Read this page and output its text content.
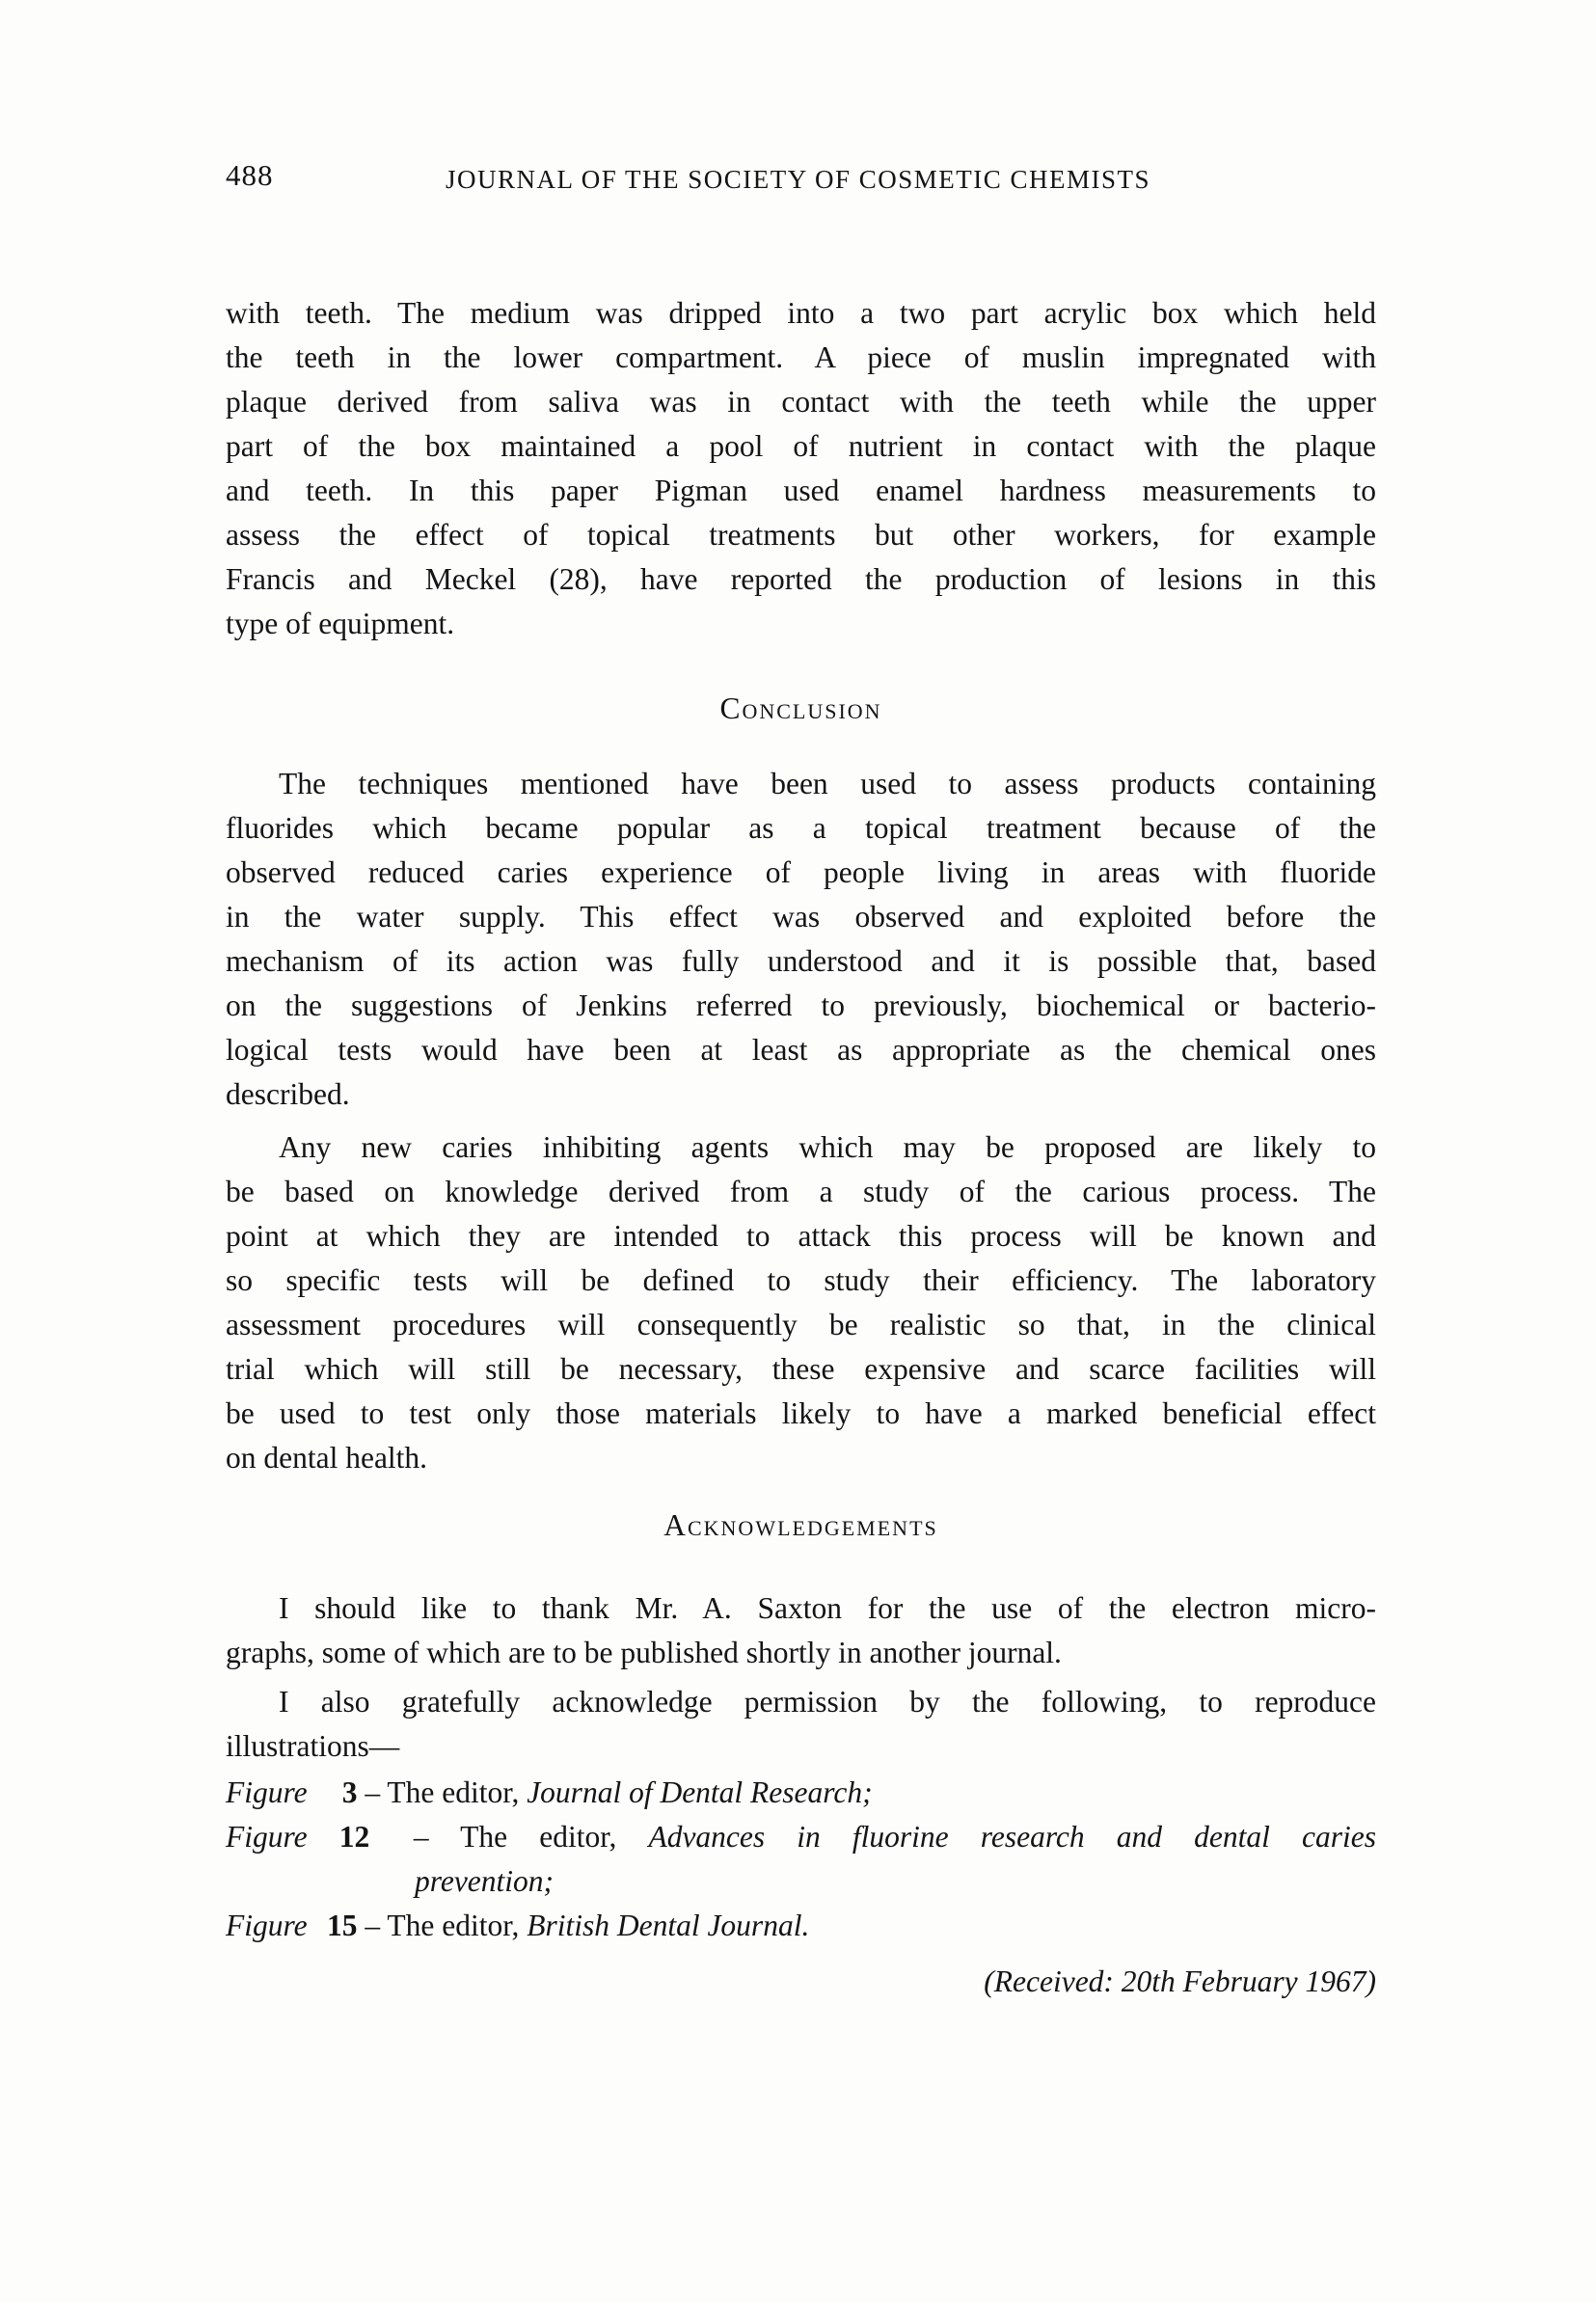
488	JOURNAL OF THE SOCIETY OF COSMETIC CHEMISTS
with teeth. The medium was dripped into a two part acrylic box which held
the teeth in the lower compartment. A piece of muslin impregnated with
plaque derived from saliva was in contact with the teeth while the upper
part of the box maintained a pool of nutrient in contact with the plaque
and teeth. In this paper Pigman used enamel hardness measurements to
assess the effect of topical treatments but other workers, for example
Francis and Meckel (28), have reported the production of lesions in this
type of equipment.
Conclusion
The techniques mentioned have been used to assess products containing
fluorides which became popular as a topical treatment because of the
observed reduced caries experience of people living in areas with fluoride
in the water supply. This effect was observed and exploited before the
mechanism of its action was fully understood and it is possible that, based
on the suggestions of Jenkins referred to previously, biochemical or bacterio-
logical tests would have been at least as appropriate as the chemical ones
described.
Any new caries inhibiting agents which may be proposed are likely to
be based on knowledge derived from a study of the carious process. The
point at which they are intended to attack this process will be known and
so specific tests will be defined to study their efficiency. The laboratory
assessment procedures will consequently be realistic so that, in the clinical
trial which will still be necessary, these expensive and scarce facilities will
be used to test only those materials likely to have a marked beneficial effect
on dental health.
Acknowledgements
I should like to thank Mr. A. Saxton for the use of the electron micro-
graphs, some of which are to be published shortly in another journal.
I also gratefully acknowledge permission by the following, to reproduce
illustrations—
Figure 3 – The editor, Journal of Dental Research;
Figure 12 – The editor, Advances in fluorine research and dental caries
prevention;
Figure 15 – The editor, British Dental Journal.
(Received: 20th February 1967)
